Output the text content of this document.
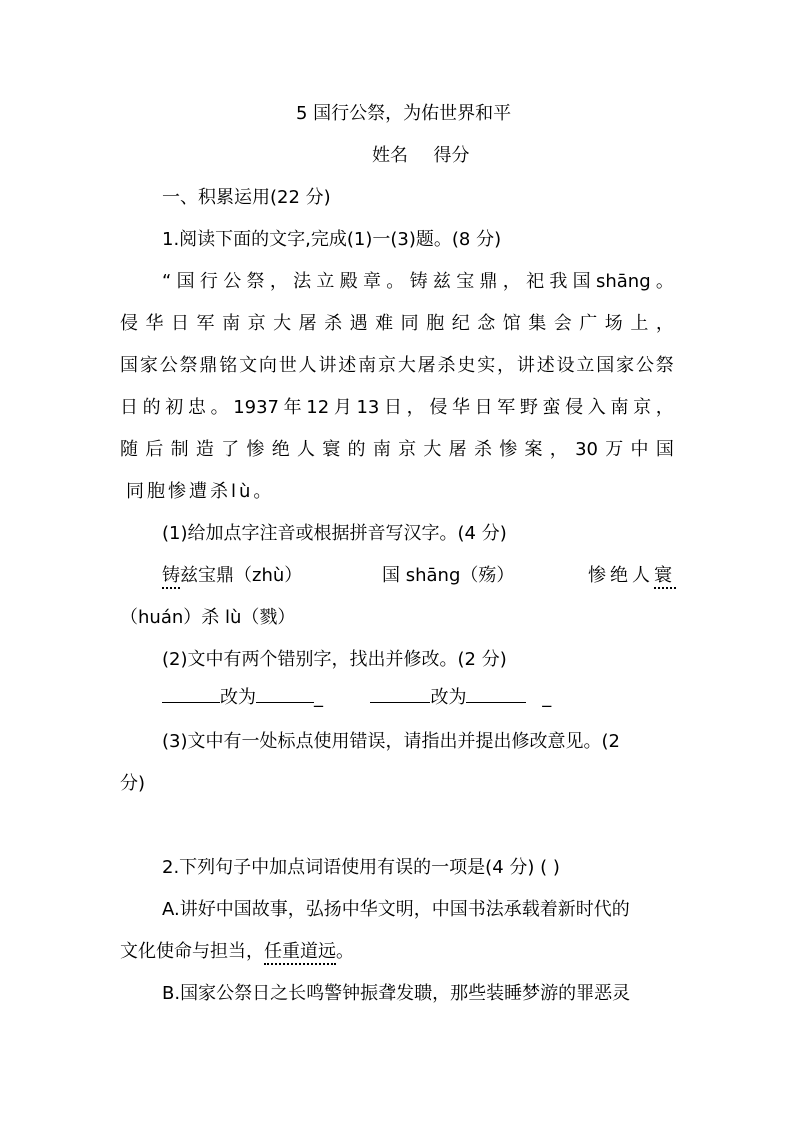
5 国行公祭，为佑世界和平
姓名 得分
一、积累运用(22 分)
1.阅读下面的文字,完成(1)一(3)题。(8 分)
“ 国 行 公 祭 ， 法 立 殿 章 。 铸 兹 宝 鼎 ， 祀 我 国 shāng 。
侵 华 日 军 南 京 大 屠 杀 遇 难 同 胞 纪 念 馆 集 会 广 场 上 ，
国 家 公 祭 鼎 铭 文 向 世 人 讲 述 南 京 大 屠 杀 史 实 ， 讲 述 设 立 国 家 公 祭
日 的 初 忠 。 1937 年 12 月 13 日 ， 侵 华 日 军 野 蛮 侵 入 南 京 ，
随 后 制 造 了 惨 绝 人 寰 的 南 京 大 屠 杀 惨 案 ， 30 万 中 国
同胞惨遭杀lù。
(1)给加点字注音或根据拼音写汉字。(4 分)
铸兹宝鼎（zhù）	国 shāng（殇）	惨绝人寰
（huán）杀 lù（戮）
(2)文中有两个错别字，找出并修改。(2 分)
改为	_	改为	_
(3)文中有一处标点使用错误，请指出并提出修改意见。(2
分)
2.下列句子中加点词语使用有误的一项是(4 分) ( )
A.讲好中国故事，弘扬中华文明，中国书法承载着新时代的
文化使命与担当，任重道远。
B.国家公祭日之长鸣警钟振聋发聩，那些装睡梦游的罪恶灵
